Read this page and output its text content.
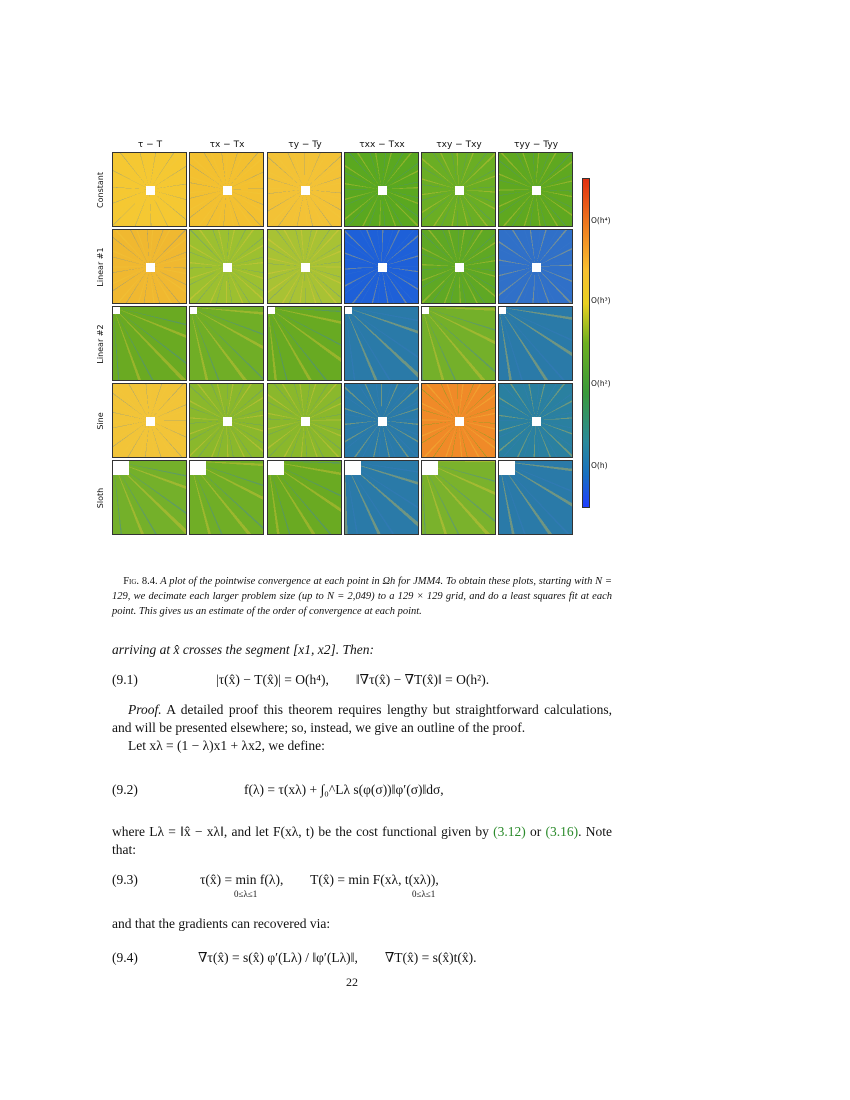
τ − T	τx − Tx	τy − Ty	τxx − Txx	τxy − Txy	τyy − Tyy
Constant
Linear #1
Linear #2
Sine
Sloth
O(h⁴)
O(h³)
O(h²)
O(h)
Fig. 8.4. A plot of the pointwise convergence at each point in Ωh for JMM4. To obtain these plots, starting with N = 129, we decimate each larger problem size (up to N = 2,049) to a 129 × 129 grid, and do a least squares fit at each point. This gives us an estimate of the order of convergence at each point.
arriving at x̂ crosses the segment [x1, x2]. Then:
(9.1)	|τ(x̂) − T(x̂)| = O(h⁴),        ‖∇τ(x̂) − ∇T(x̂)‖ = O(h²).
Proof. A detailed proof this theorem requires lengthy but straightforward calculations, and will be presented elsewhere; so, instead, we give an outline of the proof.
Let xλ = (1 − λ)x1 + λx2, we define:
(9.2)	f(λ) = τ(xλ) + ∫₀^Lλ s(φ(σ))‖φ′(σ)‖dσ,
where Lλ = ‖x̂ − xλ‖, and let F(xλ, t) be the cost functional given by (3.12) or (3.16). Note that:
(9.3)	τ(x̂) = min f(λ),        T(x̂) = min F(xλ, t(xλ)),
0≤λ≤1	0≤λ≤1
and that the gradients can recovered via:
(9.4)	∇τ(x̂) = s(x̂) φ′(Lλ) / ‖φ′(Lλ)‖,        ∇T(x̂) = s(x̂)t(x̂).
22
